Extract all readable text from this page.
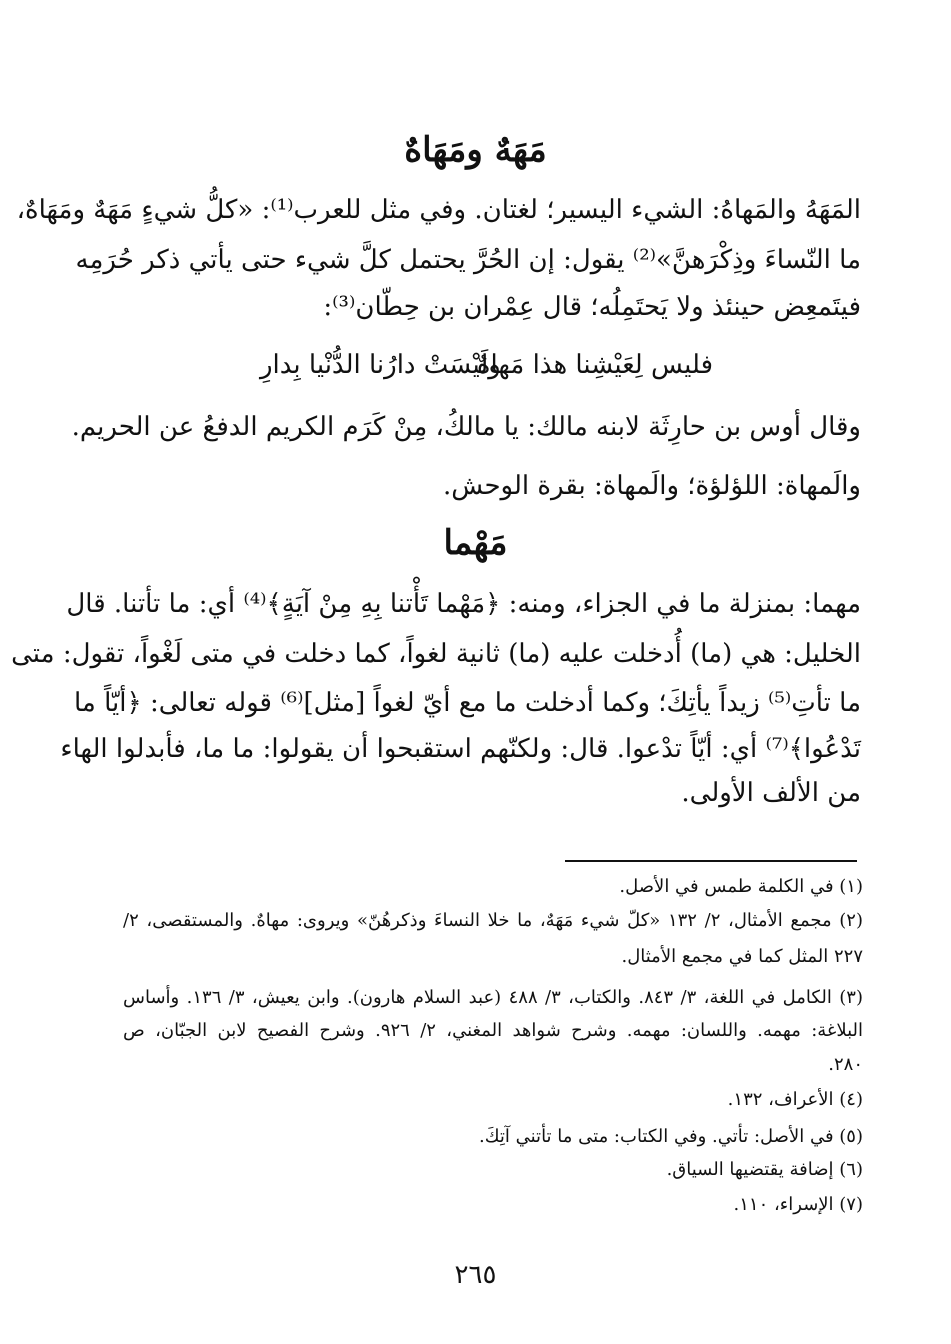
مَهَهٌ ومَهَاهٌ
المَهَهُ والمَهاهُ: الشيء اليسير؛ لغتان. وفي مثل للعرب⁽¹⁾: «كلُّ شيءٍ مَهَهٌ ومَهَاهٌ،
ما النّساءَ وذِكْرَهنَّ»⁽²⁾ يقول: إن الحُرَّ يحتمل كلَّ شيء حتى يأتي ذكر حُرَمِه
فيتَمعِض حينئذ ولا يَحتَمِلُه؛ قال عِمْران بن حِطّان⁽³⁾:
فليس لِعَيْشِنا هذا مَهاهٌ
ولَيْسَتْ دارُنا الدُّنْيا بِدارِ
وقال أوس بن حارِثَة لابنه مالك: يا مالكُ، مِنْ كَرَم الكريم الدفعُ عن الحريم.
والَمهاة: اللؤلؤة؛ والَمهاة: بقرة الوحش.
مَهْما
مهما: بمنزلة ما في الجزاء، ومنه: ﴿مَهْما تَأْتنا بِهِ مِنْ آيَةٍ﴾⁽⁴⁾ أي: ما تأتنا. قال
الخليل: هي (ما) أُدخلت عليه (ما) ثانية لغواً، كما دخلت في متى لَغْواً، تقول: متى
ما تأتِ⁽⁵⁾ زيداً يأتِكَ؛ وكما أدخلت ما مع أيّ لغواً [مثل]⁽⁶⁾ قوله تعالى: ﴿أيّاً ما
تَدْعُوا﴾⁽⁷⁾ أي: أيّاً تدْعوا. قال: ولكنّهم استقبحوا أن يقولوا: ما ما، فأبدلوا الهاء
من الألف الأولى.
(١) في الكلمة طمس في الأصل.
(٢) مجمع الأمثال، ٢/ ١٣٢ «كلّ شيء مَهَهٌ، ما خلا النساءَ وذكرهُنّ» ويروى: مهاهٌ. والمستقصى، ٢/
٢٢٧ المثل كما في مجمع الأمثال.
(٣) الكامل في اللغة، ٣/ ٨٤٣. والكتاب، ٣/ ٤٨٨ (عبد السلام هارون). وابن يعيش، ٣/ ١٣٦. وأساس
البلاغة: مهمه. واللسان: مهمه. وشرح شواهد المغني، ٢/ ٩٢٦. وشرح الفصيح لابن الجبّان، ص
٢٨٠.
(٤) الأعراف، ١٣٢.
(٥) في الأصل: تأتي. وفي الكتاب: متى ما تأتني آتِكَ.
(٦) إضافة يقتضيها السياق.
(٧) الإسراء، ١١٠.
٢٦٥
